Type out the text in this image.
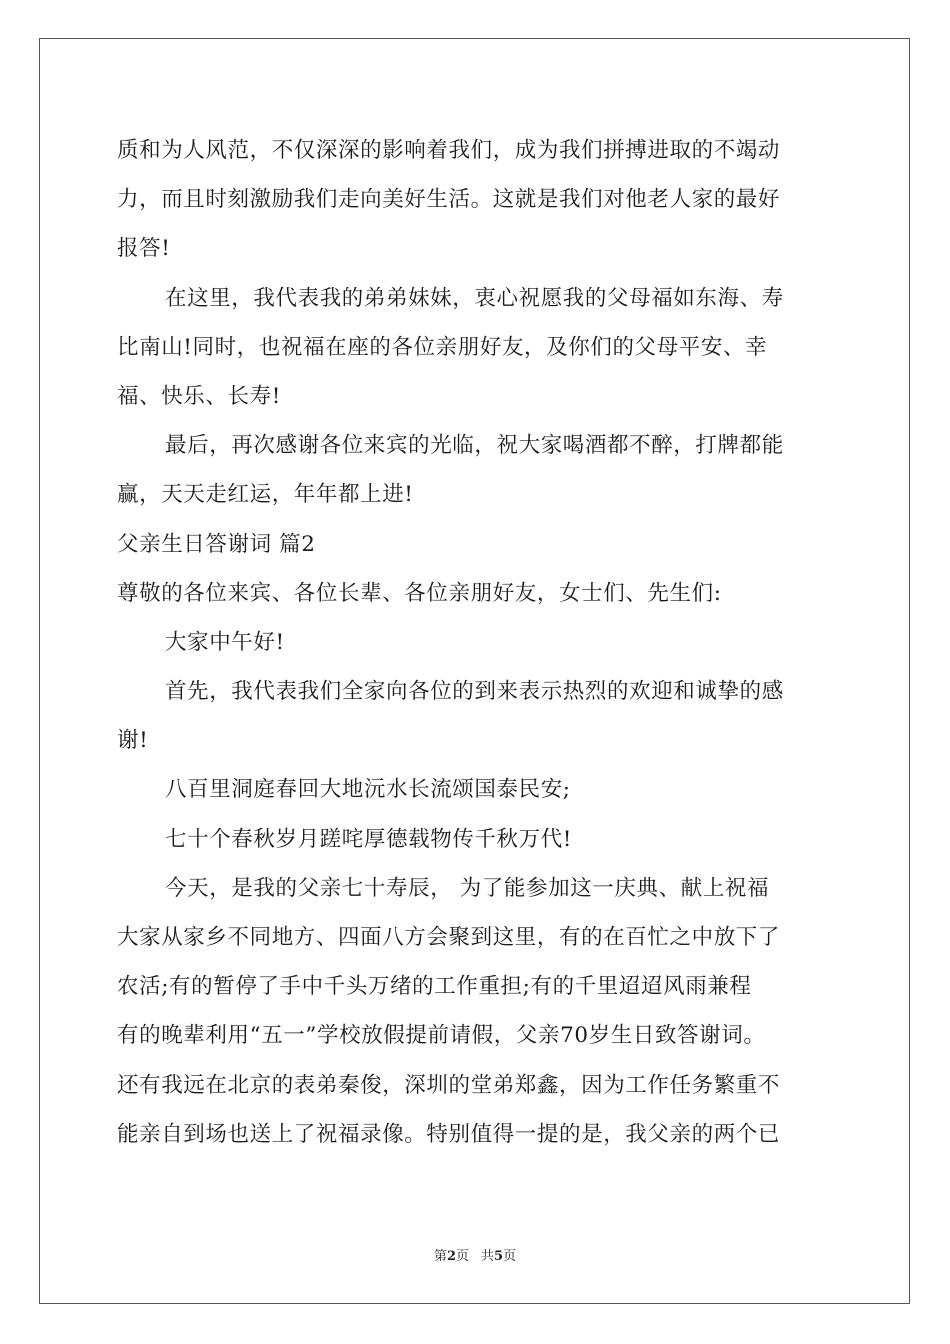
质和为人风范，不仅深深的影响着我们，成为我们拼搏进取的不竭动
力，而且时刻激励我们走向美好生活。这就是我们对他老人家的最好
报答!
在这里，我代表我的弟弟妹妹，衷心祝愿我的父母福如东海、寿
比南山!同时，也祝福在座的各位亲朋好友，及你们的父母平安、幸
福、快乐、长寿!
最后，再次感谢各位来宾的光临，祝大家喝酒都不醉，打牌都能
赢，天天走红运，年年都上进!
父亲生日答谢词 篇2
尊敬的各位来宾、各位长辈、各位亲朋好友，女士们、先生们:
大家中午好!
首先，我代表我们全家向各位的到来表示热烈的欢迎和诚挚的感
谢!
八百里洞庭春回大地沅水长流颂国泰民安;
七十个春秋岁月蹉咤厚德载物传千秋万代!
今天，是我的父亲七十寿辰， 为了能参加这一庆典、献上祝福
大家从家乡不同地方、四面八方会聚到这里，有的在百忙之中放下了
农活;有的暂停了手中千头万绪的工作重担;有的千里迢迢风雨兼程
有的晚辈利用“五一”学校放假提前请假，父亲70岁生日致答谢词。
还有我远在北京的表弟秦俊，深圳的堂弟郑鑫，因为工作任务繁重不
能亲自到场也送上了祝福录像。特别值得一提的是，我父亲的两个已
第2页 共5页
